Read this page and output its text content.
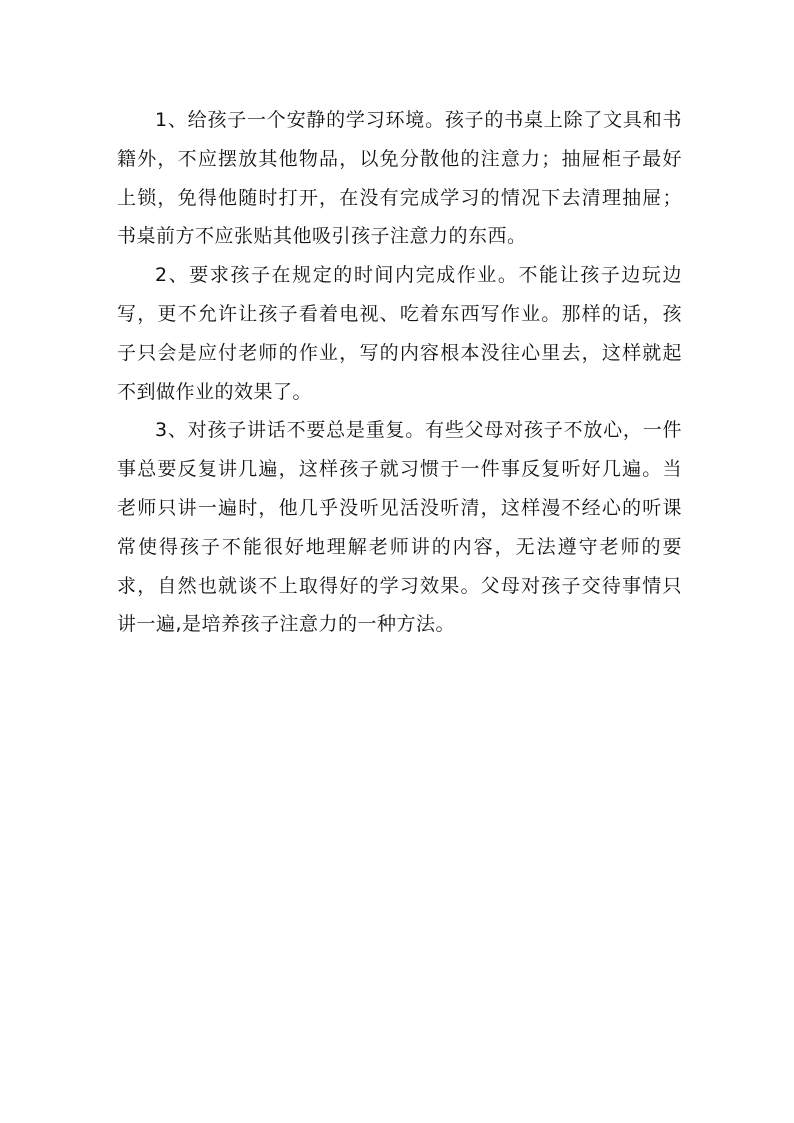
1、给孩子一个安静的学习环境。孩子的书桌上除了文具和书籍外，不应摆放其他物品，以免分散他的注意力；抽屉柜子最好上锁，免得他随时打开，在没有完成学习的情况下去清理抽屉；书桌前方不应张贴其他吸引孩子注意力的东西。

2、要求孩子在规定的时间内完成作业。不能让孩子边玩边写，更不允许让孩子看着电视、吃着东西写作业。那样的话，孩子只会是应付老师的作业，写的内容根本没往心里去，这样就起不到做作业的效果了。

3、对孩子讲话不要总是重复。有些父母对孩子不放心，一件事总要反复讲几遍，这样孩子就习惯于一件事反复听好几遍。当老师只讲一遍时，他几乎没听见活没听清，这样漫不经心的听课常使得孩子不能很好地理解老师讲的内容，无法遵守老师的要求，自然也就谈不上取得好的学习效果。父母对孩子交待事情只讲一遍,是培养孩子注意力的一种方法。
